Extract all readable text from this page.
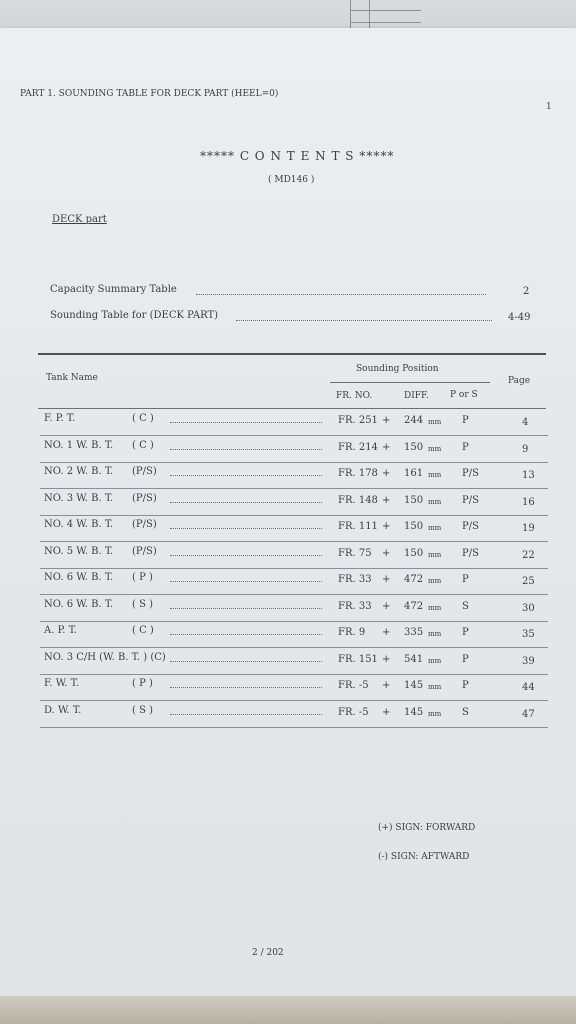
PART 1. SOUNDING TABLE FOR DECK PART (HEEL=0)
1
***** C O N T E N T S *****
( MD146 )
DECK part
Capacity Summary Table	2
Sounding Table for (DECK PART)	4-49
Tank Name
Sounding Position
FR. NO.	DIFF. P or S
Page
F. P. T.	( C )	FR. 251 + 244 mm P	4
NO. 1 W. B. T. ( C )	FR. 214 + 150 mm P	9
NO. 2 W. B. T. (P/S)	FR. 178 + 161 mm P/S	13
NO. 3 W. B. T. (P/S)	FR. 148 + 150 mm P/S	16
NO. 4 W. B. T. (P/S)	FR. 111 + 150 mm P/S	19
NO. 5 W. B. T. (P/S)	FR. 75 + 150 mm P/S	22
NO. 6 W. B. T. ( P )	FR. 33 + 472 mm P	25
NO. 6 W. B. T. ( S )	FR. 33 + 472 mm S	30
A. P. T.	( C )	FR. 9 + 335 mm P	35
NO. 3 C/H (W. B. T. ) (C)	FR. 151 + 541 mm P	39
F. W. T.	( P )	FR. -5 + 145 mm P	44
D. W. T.	( S )	FR. -5 + 145 mm S	47
(+) SIGN: FORWARD
(-) SIGN: AFTWARD
2 / 202
